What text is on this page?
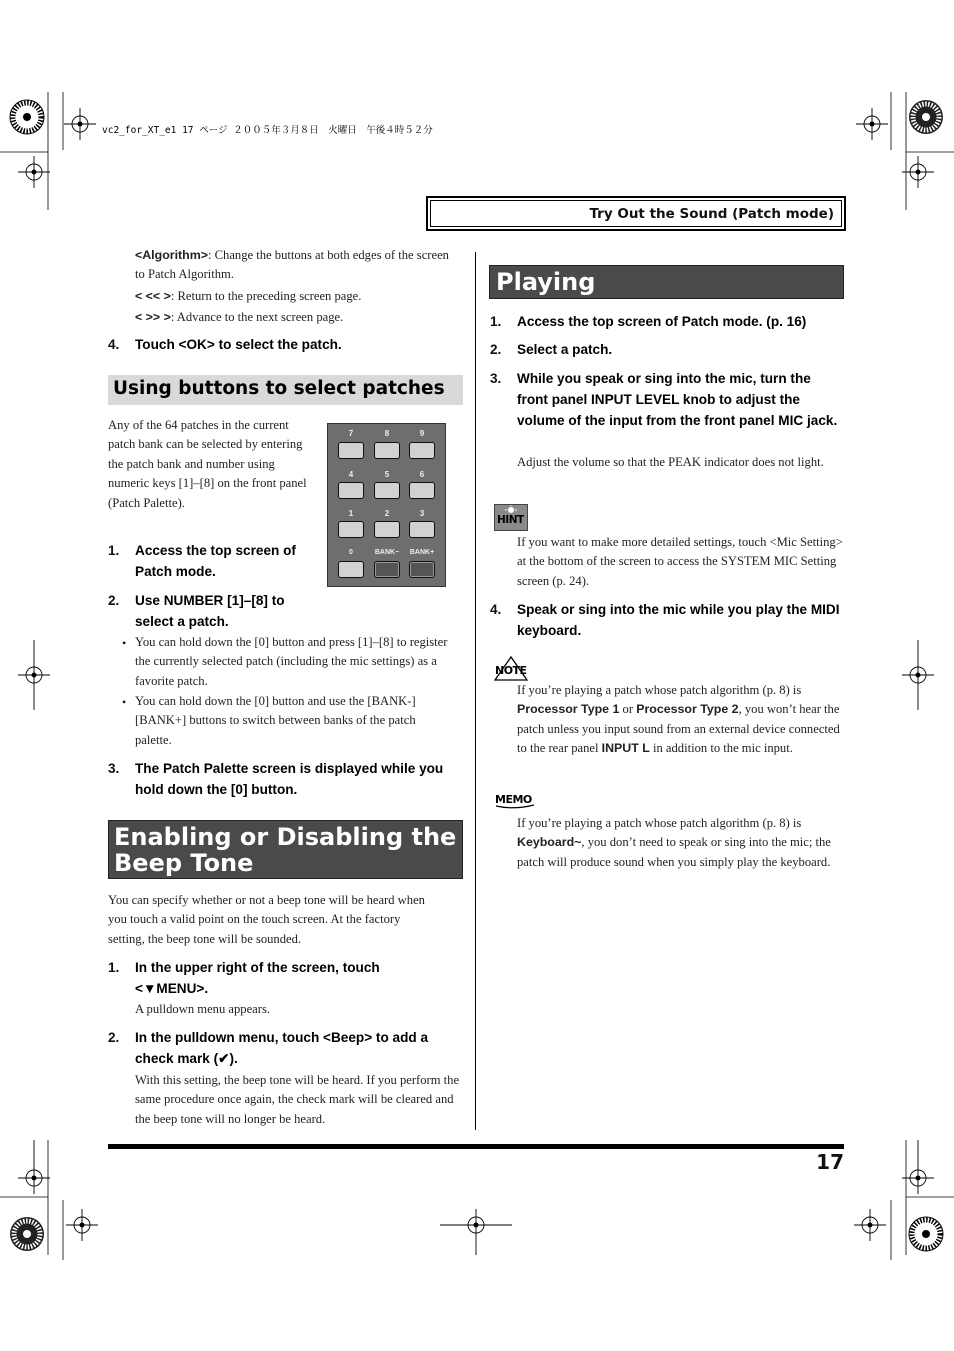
vc2_for_XT_e1 17 ページ ２００５年３月８日　火曜日　午後４時５２分
Try Out the Sound (Patch mode)
<Algorithm>: Change the buttons at both edges of the screen to Patch Algorithm.
< << >: Return to the preceding screen page.
< >> >: Advance to the next screen page.
4. Touch <OK> to select the patch.
Using buttons to select patches
Any of the 64 patches in the current patch bank can be selected by entering the patch bank and number using numeric keys [1]–[8] on the front panel (Patch Palette).
7	8	9
4	5	6
1	2	3
0	BANK− BANK+
1. Access the top screen of Patch mode.
2. Use NUMBER [1]–[8] to select a patch.
• You can hold down the [0] button and press [1]–[8] to register the currently selected patch (including the mic settings) as a favorite patch.
• You can hold down the [0] button and use the [BANK-][BANK+] buttons to switch between banks of the patch palette.
3. The Patch Palette screen is displayed while you hold down the [0] button.
Enabling or Disabling the
Beep Tone
You can specify whether or not a beep tone will be heard when you touch a valid point on the touch screen. At the factory setting, the beep tone will be sounded.
1. In the upper right of the screen, touch <▼MENU>.
A pulldown menu appears.
2. In the pulldown menu, touch <Beep> to add a check mark (✔).
With this setting, the beep tone will be heard. If you perform the same procedure once again, the check mark will be cleared and the beep tone will no longer be heard.
Playing
1. Access the top screen of Patch mode. (p. 16)
2. Select a patch.
3. While you speak or sing into the mic, turn the front panel INPUT LEVEL knob to adjust the volume of the input from the front panel MIC jack.
Adjust the volume so that the PEAK indicator does not light.
HINT
If you want to make more detailed settings, touch <Mic Setting> at the bottom of the screen to access the SYSTEM MIC Setting screen (p. 24).
4. Speak or sing into the mic while you play the MIDI keyboard.
NOTE
If you’re playing a patch whose patch algorithm (p. 8) is Processor Type 1 or Processor Type 2, you won’t hear the patch unless you input sound from an external device connected to the rear panel INPUT L in addition to the mic input.
MEMO
If you’re playing a patch whose patch algorithm (p. 8) is Keyboard~, you don’t need to speak or sing into the mic; the patch will produce sound when you simply play the keyboard.
17
